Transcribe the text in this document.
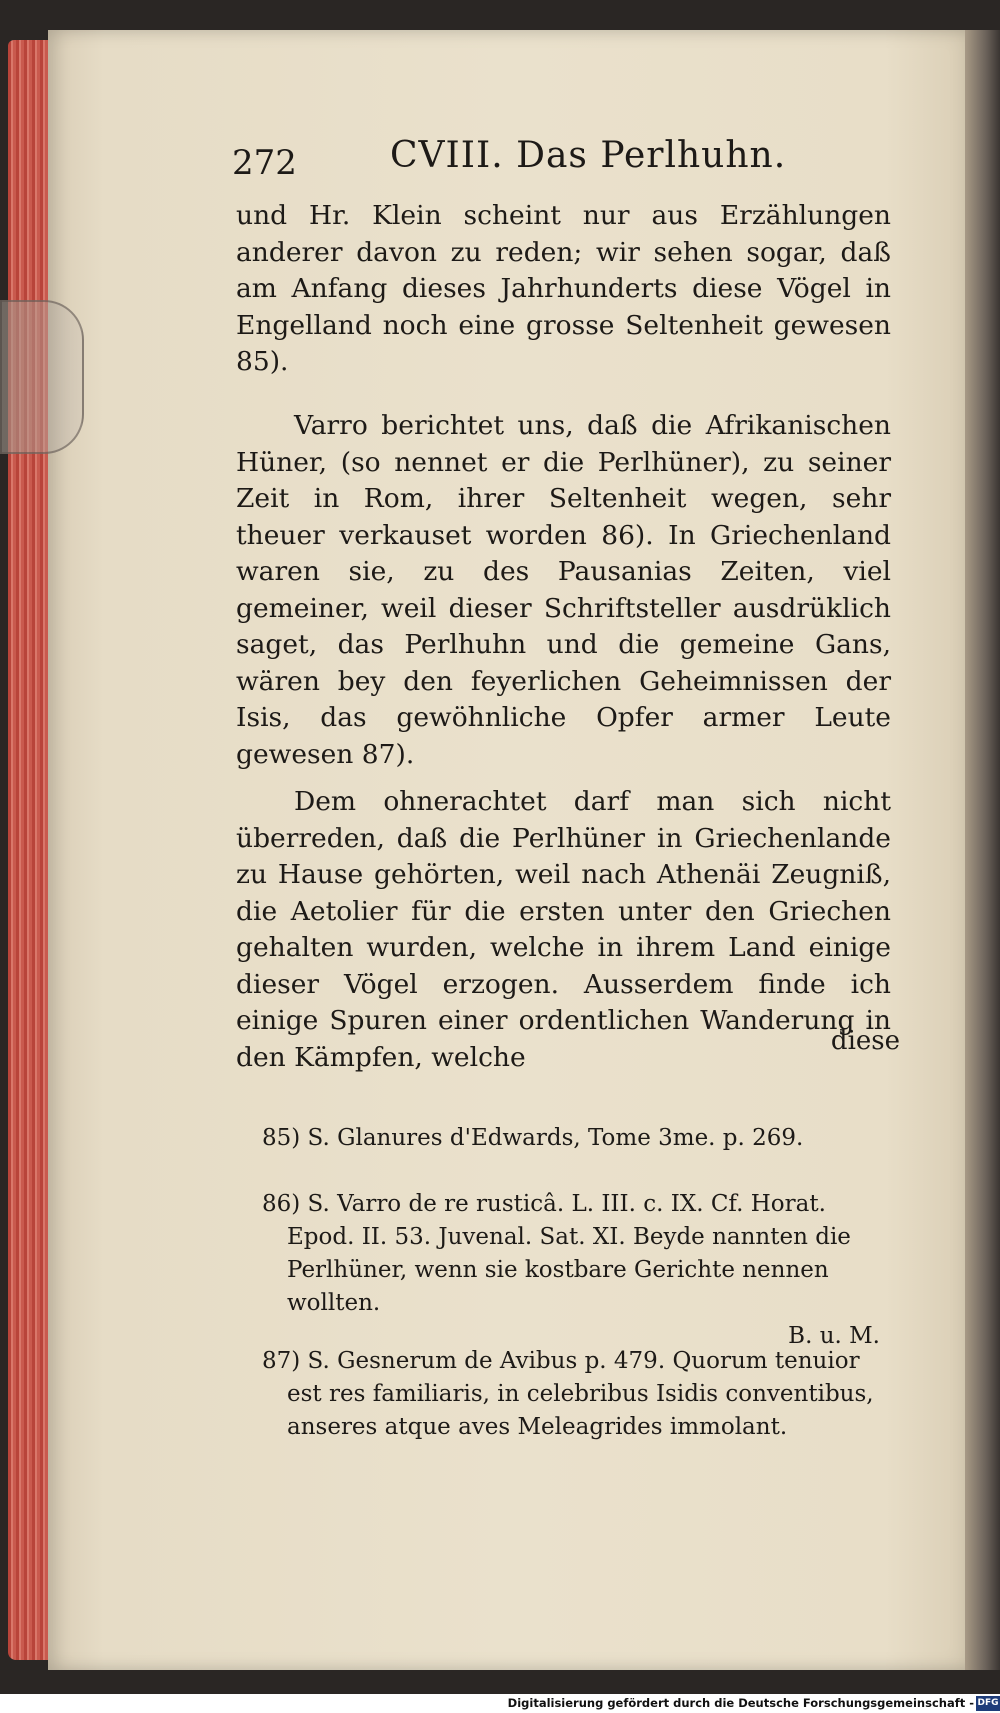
272	CVIII. Das Perlhuhn.

und Hr. Klein scheint nur aus Erzählungen anderer davon zu reden; wir sehen sogar, daß am Anfang dieses Jahrhunderts diese Vögel in Engelland noch eine grosse Seltenheit gewesen 85).

Varro berichtet uns, daß die Afrikanischen Hüner, (so nennet er die Perlhüner), zu seiner Zeit in Rom, ihrer Seltenheit wegen, sehr theuer verkauset worden 86). In Griechenland waren sie, zu des Pausanias Zeiten, viel gemeiner, weil dieser Schriftsteller ausdrüklich saget, das Perlhuhn und die gemeine Gans, wären bey den feyerlichen Geheimnissen der Isis, das gewöhnliche Opfer armer Leute gewesen 87).

Dem ohnerachtet darf man sich nicht überreden, daß die Perlhüner in Griechenlande zu Hause gehörten, weil nach Athenäi Zeugniß, die Aetolier für die ersten unter den Griechen gehalten wurden, welche in ihrem Land einige dieser Vögel erzogen. Ausserdem finde ich einige Spuren einer ordentlichen Wanderung in den Kämpfen, welche

diese

85) S. Glanures d'Edwards, Tome 3me. p. 269.

86) S. Varro de re rusticâ. L. III. c. IX. Cf. Horat. Epod. II. 53. Juvenal. Sat. XI. Beyde nannten die Perlhüner, wenn sie kostbare Gerichte nennen wollten.

B. u. M.

87) S. Gesnerum de Avibus p. 479. Quorum tenuior est res familiaris, in celebribus Isidis conventibus, anseres atque aves Meleagrides immolant.

Digitalisierung gefördert durch die Deutsche Forschungsgemeinschaft - DFG
